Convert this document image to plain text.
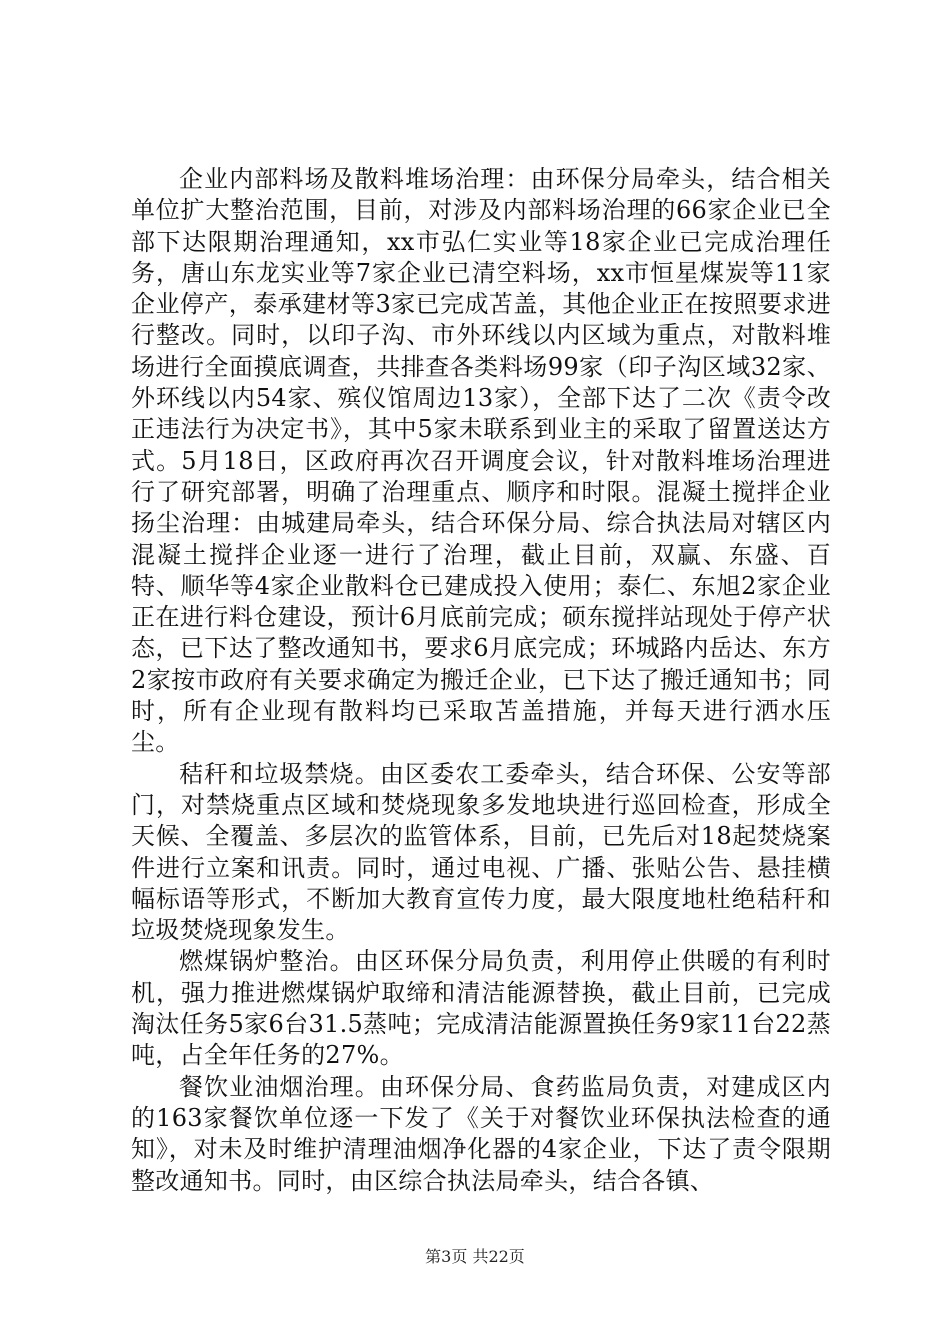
企业内部料场及散料堆场治理：由环保分局牵头，结合相关单位扩大整治范围，目前，对涉及内部料场治理的66家企业已全部下达限期治理通知，xx市弘仁实业等18家企业已完成治理任务，唐山东龙实业等7家企业已清空料场，xx市恒星煤炭等11家企业停产，泰承建材等3家已完成苫盖，其他企业正在按照要求进行整改。同时，以印子沟、市外环线以内区域为重点，对散料堆场进行全面摸底调查，共排查各类料场99家（印子沟区域32家、外环线以内54家、殡仪馆周边13家），全部下达了二次《责令改正违法行为决定书》，其中5家未联系到业主的采取了留置送达方式。5月18日，区政府再次召开调度会议，针对散料堆场治理进行了研究部署，明确了治理重点、顺序和时限。混凝土搅拌企业扬尘治理：由城建局牵头，结合环保分局、综合执法局对辖区内混凝土搅拌企业逐一进行了治理，截止目前，双赢、东盛、百特、顺华等4家企业散料仓已建成投入使用；泰仁、东旭2家企业正在进行料仓建设，预计6月底前完成；硕东搅拌站现处于停产状态，已下达了整改通知书，要求6月底完成；环城路内岳达、东方2家按市政府有关要求确定为搬迁企业，已下达了搬迁通知书；同时，所有企业现有散料均已采取苫盖措施，并每天进行洒水压尘。

秸秆和垃圾禁烧。由区委农工委牵头，结合环保、公安等部门，对禁烧重点区域和焚烧现象多发地块进行巡回检查，形成全天候、全覆盖、多层次的监管体系，目前，已先后对18起焚烧案件进行立案和讯责。同时，通过电视、广播、张贴公告、悬挂横幅标语等形式，不断加大教育宣传力度，最大限度地杜绝秸秆和垃圾焚烧现象发生。

燃煤锅炉整治。由区环保分局负责，利用停止供暖的有利时机，强力推进燃煤锅炉取缔和清洁能源替换，截止目前，已完成淘汰任务5家6台31.5蒸吨；完成清洁能源置换任务9家11台22蒸吨，占全年任务的27%。

餐饮业油烟治理。由环保分局、食药监局负责，对建成区内的163家餐饮单位逐一下发了《关于对餐饮业环保执法检查的通知》，对未及时维护清理油烟净化器的4家企业，下达了责令限期整改通知书。同时，由区综合执法局牵头，结合各镇、

第3页 共22页
